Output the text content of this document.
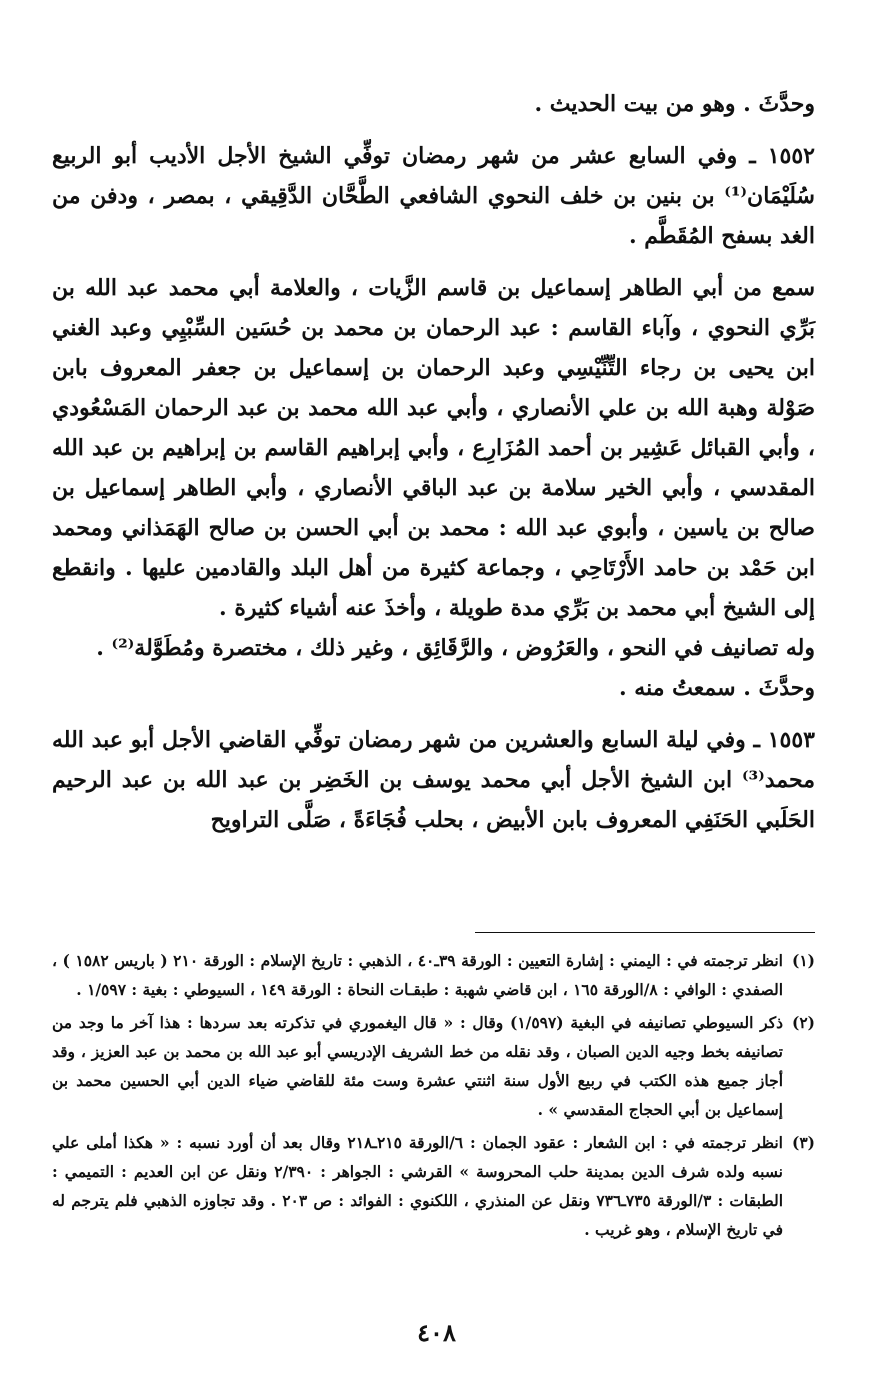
وحدَّثَ . وهو من بيت الحديث .

١٥٥٢ ـ وفي السابع عشر من شهر رمضان توفِّي الشيخ الأجل الأديب أبو الربيع سُلَيْمَان⁽¹⁾ بن بنين بن خلف النحوي الشافعي الطَّحَّان الدَّقِيقي ، بمصر ، ودفن من الغد بسفح المُقَطَّم .

سمع من أبي الطاهر إسماعيل بن قاسم الزَّيات ، والعلامة أبي محمد عبد الله بن بَرِّي النحوي ، وآباء القاسم : عبد الرحمان بن محمد بن حُسَين السِّبْيِي وعبد الغني ابن يحيى بن رجاء التِّنِّيْسِي وعبد الرحمان بن إسماعيل بن جعفر المعروف بابن صَوْلة وهبة الله بن علي الأنصاري ، وأبي عبد الله محمد بن عبد الرحمان المَسْعُودي ، وأبي القبائل عَشِير بن أحمد المُزَارِع ، وأبي إبراهيم القاسم بن إبراهيم بن عبد الله المقدسي ، وأبي الخير سلامة بن عبد الباقي الأنصاري ، وأبي الطاهر إسماعيل بن صالح بن ياسين ، وأبوي عبد الله : محمد بن أبي الحسن بن صالح الهَمَذاني ومحمد ابن حَمْد بن حامد الأَرْتَاحِي ، وجماعة كثيرة من أهل البلد والقادمين عليها . وانقطع إلى الشيخ أبي محمد بن بَرِّي مدة طويلة ، وأخذَ عنه أشياء كثيرة .

وله تصانيف في النحو ، والعَرُوض ، والرَّقَائِق ، وغير ذلك ، مختصرة ومُطَوَّلة⁽²⁾ .

وحدَّثَ . سمعتُ منه .

١٥٥٣ ـ وفي ليلة السابع والعشرين من شهر رمضان توفِّي القاضي الأجل أبو عبد الله محمد⁽³⁾ ابن الشيخ الأجل أبي محمد يوسف بن الخَضِر بن عبد الله بن عبد الرحيم الحَلَبي الحَنَفِي المعروف بابن الأبيض ، بحلب فُجَاءَةً ، صَلَّى التراويح

(١)
انظر ترجمته في : اليمني : إشارة التعيين : الورقة ٣٩ـ٤٠ ، الذهبي : تاريخ الإسلام : الورقة ٢١٠ ( باريس ١٥٨٢ ) ، الصفدي : الوافي : ٨/الورقة ١٦٥ ، ابن قاضي شهبة : طبقـات النحاة : الورقة ١٤٩ ، السيوطي : بغية : ١/٥٩٧ .
(٢)
ذكر السيوطي تصانيفه في البغية (١/٥٩٧) وقال : « قال اليغموري في تذكرته بعد سردها : هذا آخر ما وجد من تصانيفه بخط وجيه الدين الصبان ، وقد نقله من خط الشريف الإدريسي أبو عبد الله بن محمد بن عبد العزيز ، وقد أجاز جميع هذه الكتب في ربيع الأول سنة اثنتي عشرة وست مئة للقاضي ضياء الدين أبي الحسين محمد بن إسماعيل بن أبي الحجاج المقدسي » .
(٣)
انظر ترجمته في : ابن الشعار : عقود الجمان : ٦/الورقة ٢١٥ـ٢١٨ وقال بعد أن أورد نسبه : « هكذا أملى علي نسبه ولده شرف الدين بمدينة حلب المحروسة » القرشي : الجواهر : ٢/٣٩٠ ونقل عن ابن العديم : التميمي : الطبقات : ٣/الورقة ٧٣٥ـ٧٣٦ ونقل عن المنذري ، اللكنوي : الفوائد : ص ٢٠٣ . وقد تجاوزه الذهبي فلم يترجم له في تاريخ الإسلام ، وهو غريب .
٤٠٨
